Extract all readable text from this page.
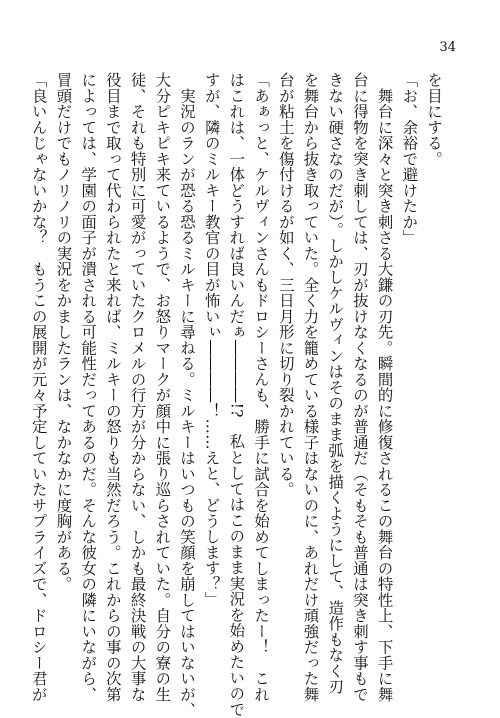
34

を目にする。

「お、余裕で避けたか」

　舞台に深々と突き刺さる大鎌の刃先。瞬間的に修復されるこの舞台の特性上、下手に舞

台に得物を突き刺しては、刃が抜けなくなるのが普通だ（そもそも普通は突き刺す事もで

きない硬さなのだが）。しかしケルヴィンはそのまま弧を描くようにして、造作もなく刃

を舞台から抜き取っていた。全く力を籠めている様子はないのに、あれだけ頑強だった舞

台が粘土を傷付けるが如く、三日月形に切り裂かれている。

「あぁっと、ケルヴィンさんもドロシーさんも、勝手に試合を始めてしまったー！　これ

はこれは、一体どうすれば良いんだぁ――――!?　私としてはこのまま実況を始めたいので

すが、隣のミルキー教官の目が怖いぃ――――！……えと、どうします？」

　実況のランが恐る恐るミルキーに尋ねる。ミルキーはいつもの笑顔を崩してはいないが、

大分ピキピキ来ているようで、お怒りマークが顔中に張り巡らされていた。自分の寮の生

徒、それも特別に可愛がっていたクロメルの行方が分からない、しかも最終決戦の大事な

役目まで取って代わられたと来れば、ミルキーの怒りも当然だろう。これからの事の次第

によっては、学園の面子が潰される可能性だってあるのだ。そんな彼女の隣にいながら、

冒頭だけでもノリノリの実況をかましたランは、なかなかに度胸がある。

「良いんじゃないかな？　もうこの展開が元々予定していたサプライズで、ドロシー君が
